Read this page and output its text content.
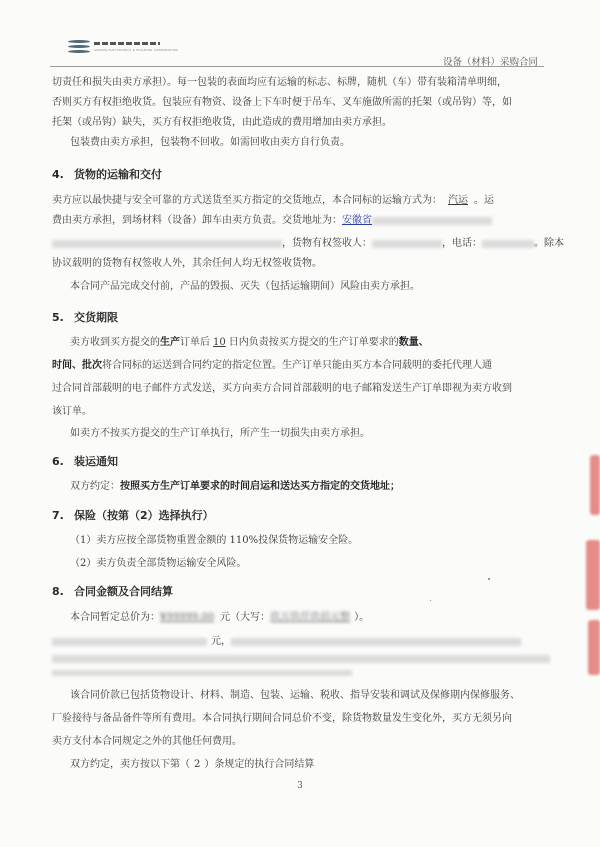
SINOMA ELECTRONICS & BUILDING CORPORATION
设备（材料）采购合同
切责任和损失由卖方承担）。每一包装的表面均应有运输的标志、标牌，随机（车）带有装箱清单明细，
否则买方有权拒绝收货。包装应有物资、设备上下车时便于吊车、叉车施做所需的托架（或吊钩）等，如
托架（或吊钩）缺失，买方有权拒绝收货，由此造成的费用增加由卖方承担。
包装费由卖方承担，包装物不回收。如需回收由卖方自行负责。
4. 货物的运输和交付
卖方应以最快捷与安全可靠的方式送货至买方指定的交货地点，本合同标的运输方式为： 汽运 。运
费由卖方承担，到场材料（设备）卸车由卖方负责。交货地址为：安徽省
，货物有权签收人：	，电话：	。除本
协议载明的货物有权签收人外，其余任何人均无权签收货物。
本合同产品完成交付前，产品的毁损、灭失（包括运输期间）风险由卖方承担。
5. 交货期限
卖方收到买方提交的生产订单后 10 日内负责按买方提交的生产订单要求的数量、
时间、批次将合同标的运送到合同约定的指定位置。生产订单只能由买方本合同载明的委托代理人通
过合同首部载明的电子邮件方式发送，买方向卖方合同首部载明的电子邮箱发送生产订单即视为卖方收到
该订单。
如卖方不按买方提交的生产订单执行，所产生一切损失由卖方承担。
6. 装运通知
双方约定：按照买方生产订单要求的时间启运和送达买方指定的交货地址；
7. 保险（按第（2）选择执行）
（1）卖方应按全部货物重置金额的 110%投保货物运输安全险。
（2）卖方负责全部货物运输安全风险。
8. 合同金额及合同结算
本合同暂定总价为：¥99999.00 元（大写：玖万玖仟玖佰元整 ）。
元，
该合同价款已包括货物设计、材料、制造、包装、运输、税收、指导安装和调试及保修期内保修服务、
厂验接待与备品备件等所有费用。本合同执行期间合同总价不变，除货物数量发生变化外，买方无须另向
卖方支付本合同规定之外的其他任何费用。
双方约定，卖方按以下第（ 2 ）条规定的执行合同结算
3
